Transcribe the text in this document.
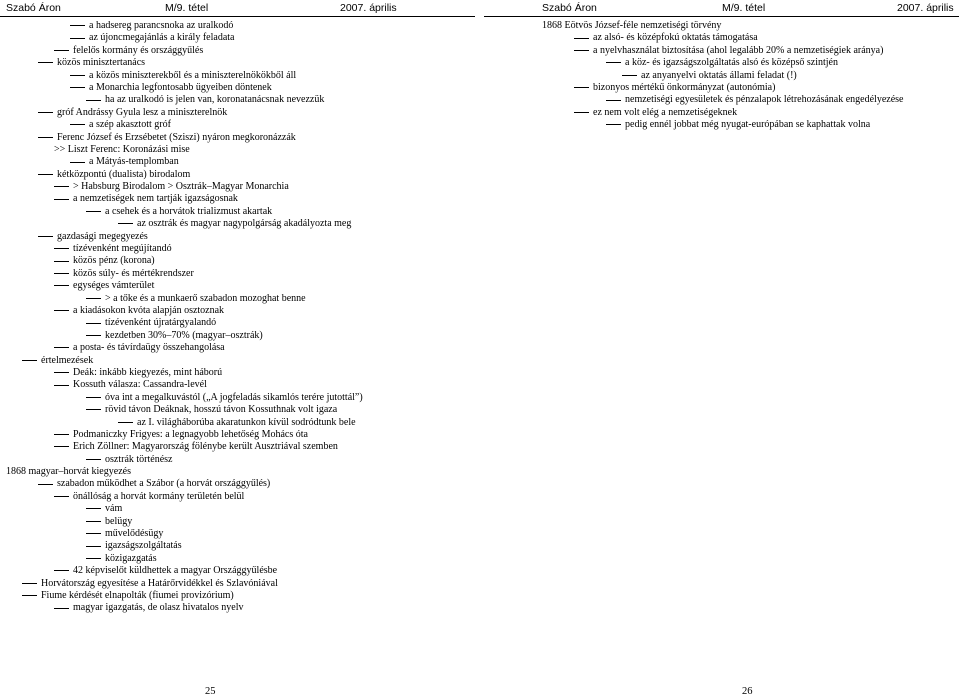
Szabó Áron	M/9. tétel	2007. április
a hadsereg parancsnoka az uralkodó
az újoncmegajánlás a király feladata
felelős kormány és országgyűlés
közös minisztertanács
a közös miniszterekből és a miniszterelnökökből áll
a Monarchia legfontosabb ügyeiben döntenek
ha az uralkodó is jelen van, koronatanácsnak nevezzük
gróf Andrássy Gyula lesz a miniszterelnök
a szép akasztott gróf
Ferenc József és Erzsébetet (Sziszi) nyáron megkoronázzák
>> Liszt Ferenc: Koronázási mise
a Mátyás-templomban
kétközpontú (dualista) birodalom
> Habsburg Birodalom > Osztrák–Magyar Monarchia
a nemzetiségek nem tartják igazságosnak
a csehek és a horvátok trializmust akartak
az osztrák és magyar nagypolgárság akadályozta meg
gazdasági megegyezés
tízévenként megújítandó
közös pénz (korona)
közös súly- és mértékrendszer
egységes vámterület
> a tőke és a munkaerő szabadon mozoghat benne
a kiadásokon kvóta alapján osztoznak
tízévenként újratárgyalandó
kezdetben 30%–70% (magyar–osztrák)
a posta- és távírdaügy összehangolása
értelmezések
Deák: inkább kiegyezés, mint háború
Kossuth válasza: Cassandra-levél
óva int a megalkuvástól („A jogfeladás sikamlós terére jutottál”)
rövid távon Deáknak, hosszú távon Kossuthnak volt igaza
az I. világháborúba akaratunkon kívül sodródtunk bele
Podmaniczky Frigyes: a legnagyobb lehetőség Mohács óta
Erich Zöllner: Magyarország fölénybe került Ausztriával szemben
osztrák történész
1868 magyar–horvát kiegyezés
szabadon működhet a Szábor (a horvát országgyűlés)
önállóság a horvát kormány területén belül
vám
belügy
művelődésügy
igazságszolgáltatás
közigazgatás
42 képviselőt küldhettek a magyar Országgyűlésbe
Horvátország egyesítése a Határőrvidékkel és Szlavóniával
Fiume kérdését elnapolták (fiumei provizórium)
magyar igazgatás, de olasz hivatalos nyelv
25
Szabó Áron	M/9. tétel	2007. április
1868 Eötvös József-féle nemzetiségi törvény
az alsó- és középfokú oktatás támogatása
a nyelvhasználat biztosítása (ahol legalább 20% a nemzetiségiek aránya)
a köz- és igazságszolgáltatás alsó és középső szintjén
az anyanyelvi oktatás állami feladat (!)
bizonyos mértékű önkormányzat (autonómia)
nemzetiségi egyesületek és pénzalapok létrehozásának engedélyezése
ez nem volt elég a nemzetiségeknek
pedig ennél jobbat még nyugat-európában se kaphattak volna
26
